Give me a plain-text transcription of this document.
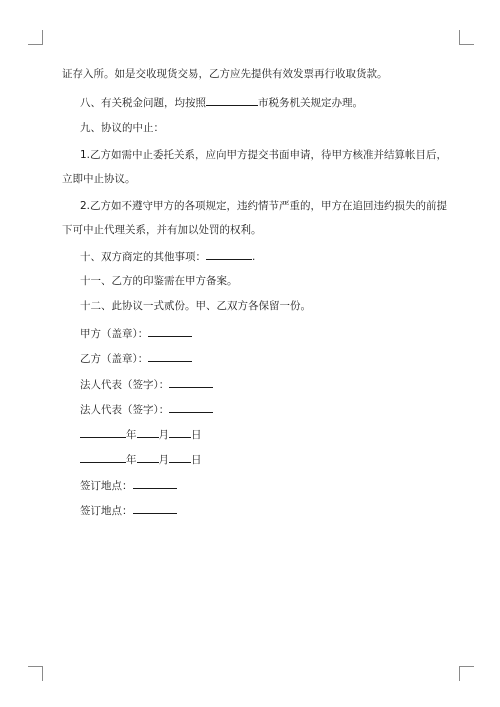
证存入所。如是交收现货交易，乙方应先提供有效发票再行收取货款。
八、有关税金问题，均按照	市税务机关规定办理。
九、协议的中止：
1.乙方如需中止委托关系，应向甲方提交书面申请，待甲方核准并结算帐目后，
立即中止协议。
2.乙方如不遵守甲方的各项规定，违约情节严重的，甲方在追回违约损失的前提
下可中止代理关系，并有加以处罚的权利。
十、双方商定的其他事项：	.
十一、乙方的印鉴需在甲方备案。
十二、此协议一式贰份。甲、乙双方各保留一份。
甲方（盖章）：
乙方（盖章）：
法人代表（签字）：
法人代表（签字）：
年 月 日
年 月 日
签订地点：
签订地点：
